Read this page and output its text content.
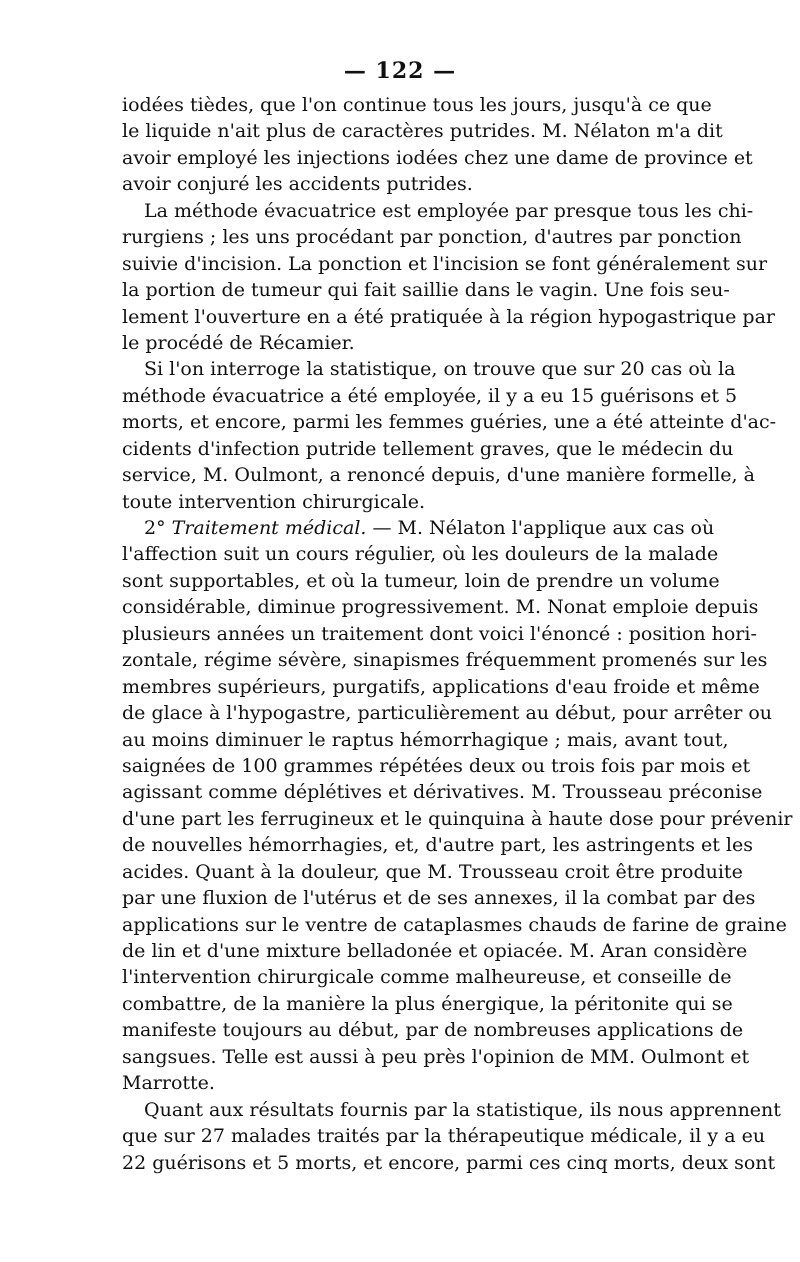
— 122 —
iodées tièdes, que l'on continue tous les jours, jusqu'à ce que
le liquide n'ait plus de caractères putrides. M. Nélaton m'a dit
avoir employé les injections iodées chez une dame de province et
avoir conjuré les accidents putrides.
La méthode évacuatrice est employée par presque tous les chi-
rurgiens ; les uns procédant par ponction, d'autres par ponction
suivie d'incision. La ponction et l'incision se font généralement sur
la portion de tumeur qui fait saillie dans le vagin. Une fois seu-
lement l'ouverture en a été pratiquée à la région hypogastrique par
le procédé de Récamier.
Si l'on interroge la statistique, on trouve que sur 20 cas où la
méthode évacuatrice a été employée, il y a eu 15 guérisons et 5
morts, et encore, parmi les femmes guéries, une a été atteinte d'ac-
cidents d'infection putride tellement graves, que le médecin du
service, M. Oulmont, a renoncé depuis, d'une manière formelle, à
toute intervention chirurgicale.
2° Traitement médical. — M. Nélaton l'applique aux cas où
l'affection suit un cours régulier, où les douleurs de la malade
sont supportables, et où la tumeur, loin de prendre un volume
considérable, diminue progressivement. M. Nonat emploie depuis
plusieurs années un traitement dont voici l'énoncé : position hori-
zontale, régime sévère, sinapismes fréquemment promenés sur les
membres supérieurs, purgatifs, applications d'eau froide et même
de glace à l'hypogastre, particulièrement au début, pour arrêter ou
au moins diminuer le raptus hémorrhagique ; mais, avant tout,
saignées de 100 grammes répétées deux ou trois fois par mois et
agissant comme déplétives et dérivatives. M. Trousseau préconise
d'une part les ferrugineux et le quinquina à haute dose pour prévenir
de nouvelles hémorrhagies, et, d'autre part, les astringents et les
acides. Quant à la douleur, que M. Trousseau croit être produite
par une fluxion de l'utérus et de ses annexes, il la combat par des
applications sur le ventre de cataplasmes chauds de farine de graine
de lin et d'une mixture belladonée et opiacée. M. Aran considère
l'intervention chirurgicale comme malheureuse, et conseille de
combattre, de la manière la plus énergique, la péritonite qui se
manifeste toujours au début, par de nombreuses applications de
sangsues. Telle est aussi à peu près l'opinion de MM. Oulmont et
Marrotte.
Quant aux résultats fournis par la statistique, ils nous apprennent
que sur 27 malades traités par la thérapeutique médicale, il y a eu
22 guérisons et 5 morts, et encore, parmi ces cinq morts, deux sont
